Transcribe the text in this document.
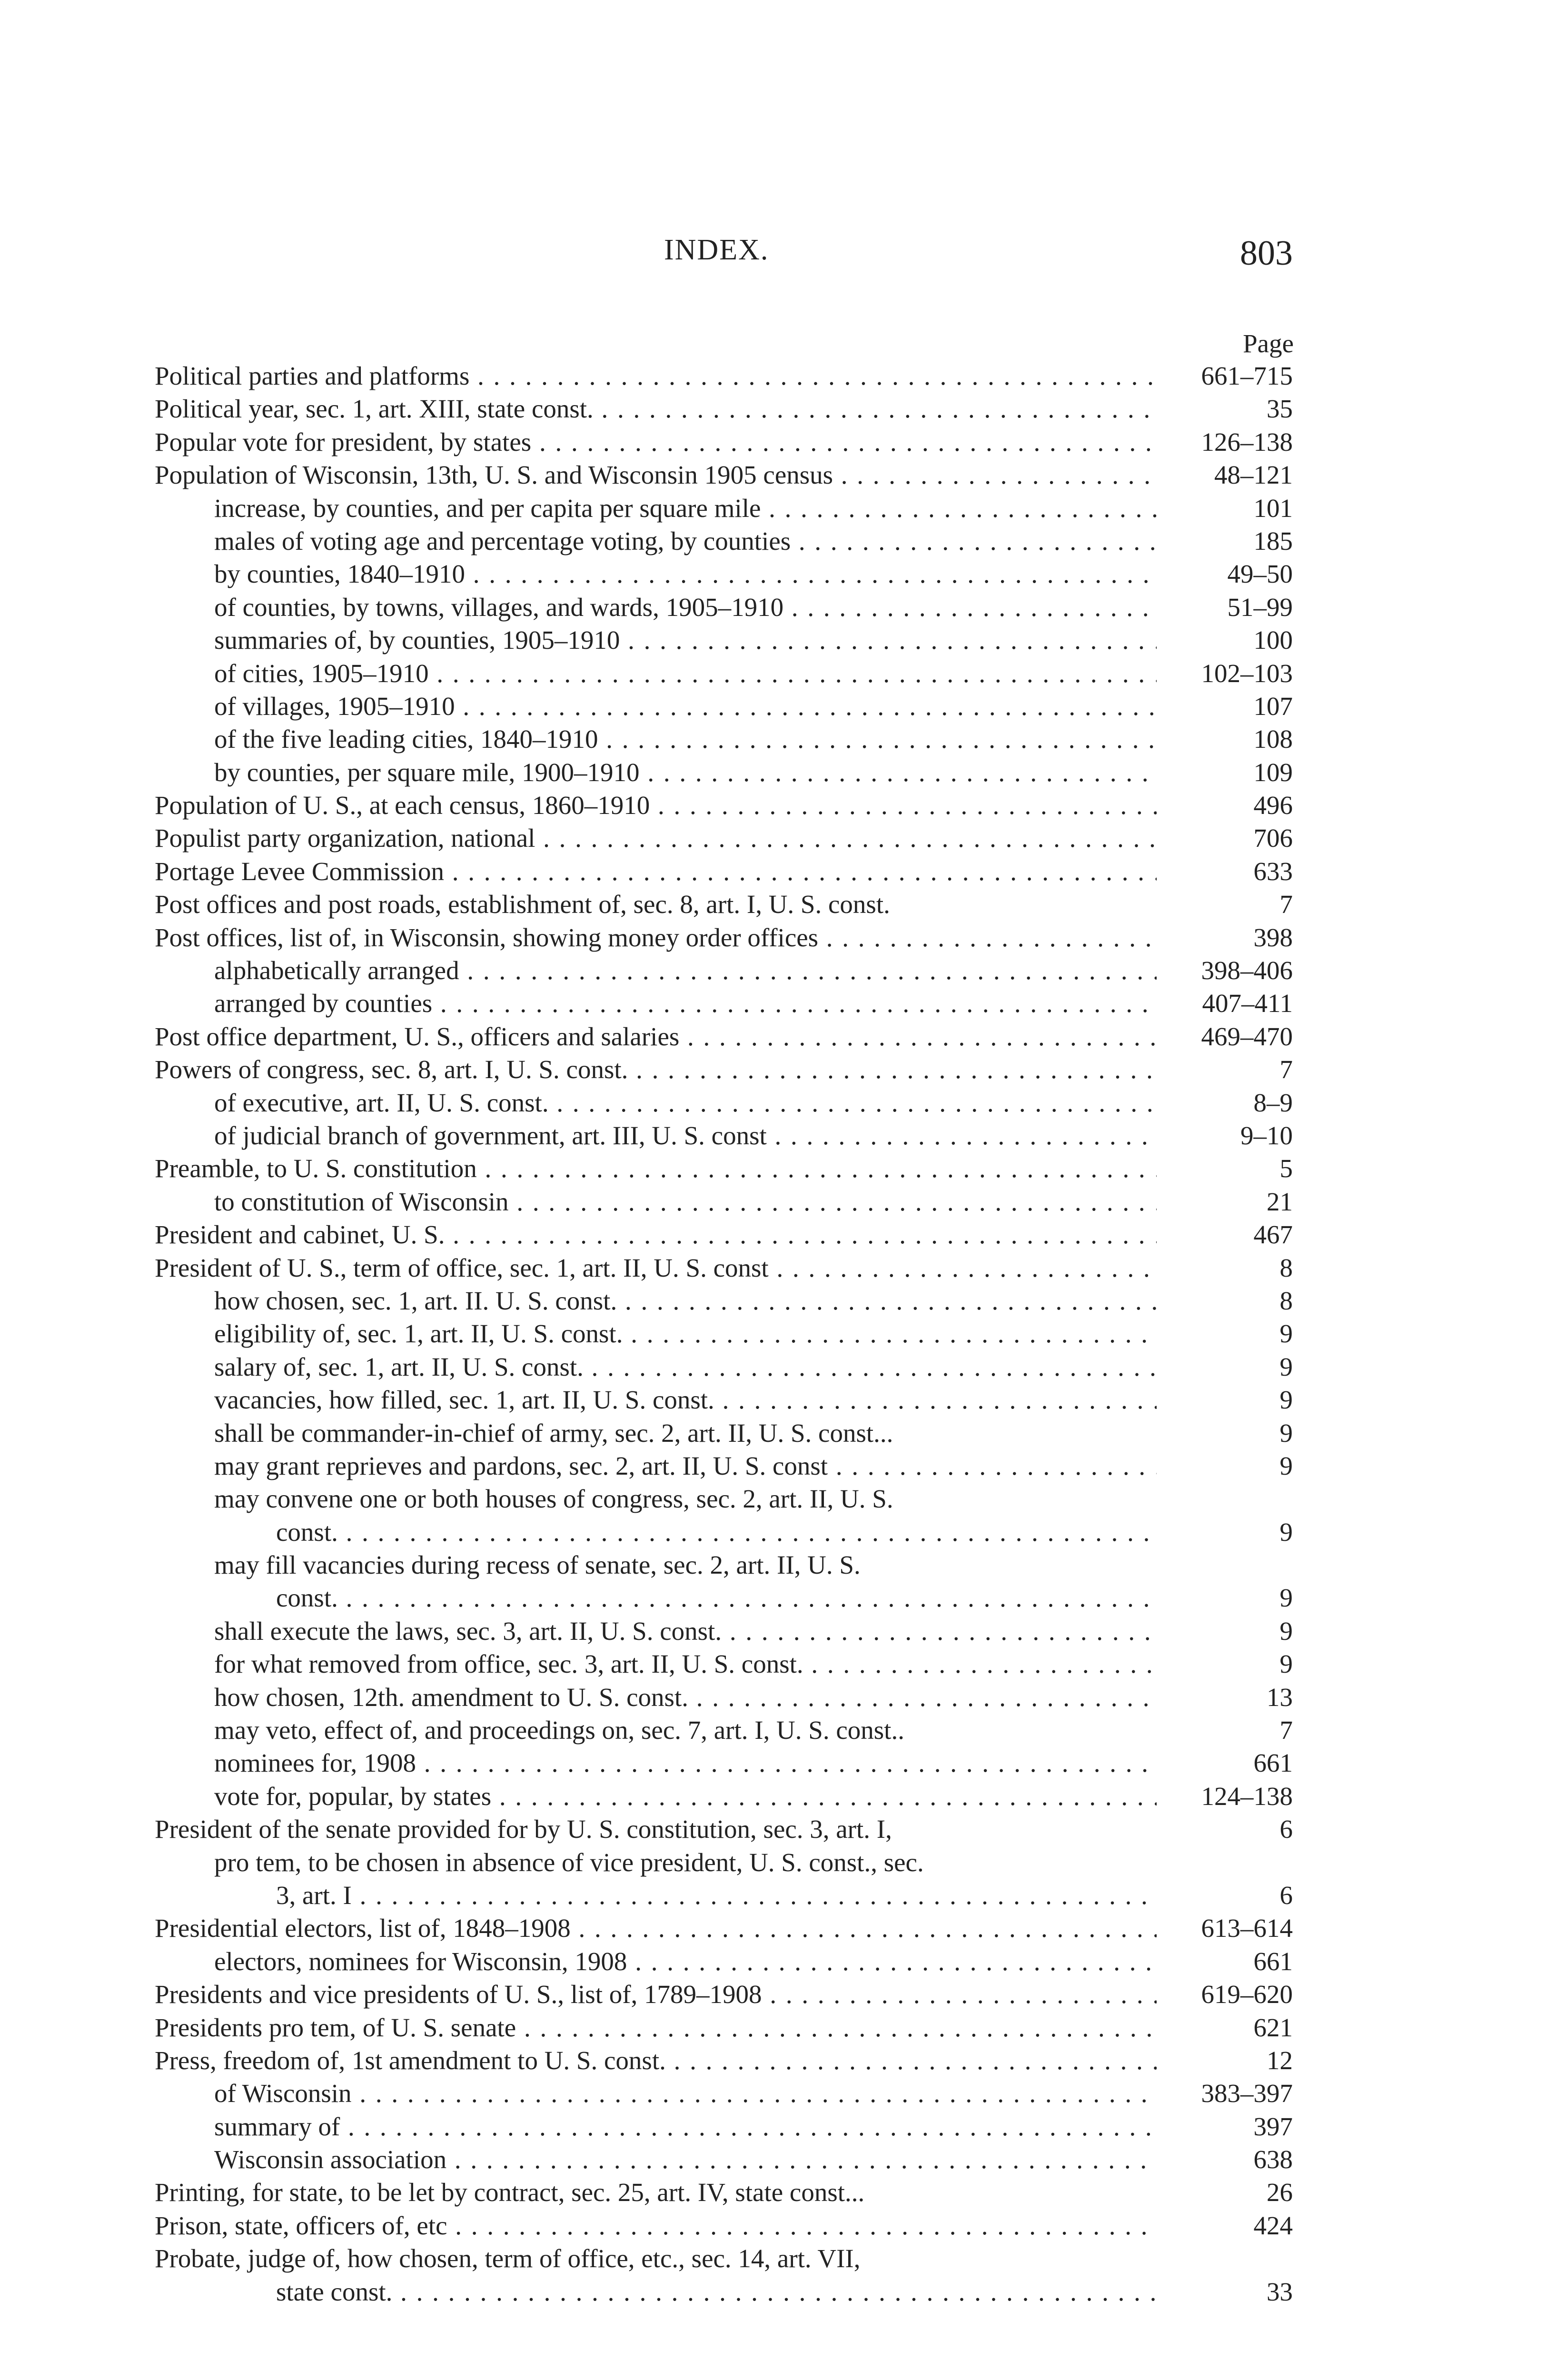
INDEX.	803
Page
Political parties and platforms . . .	661–715
Political year, sec. 1, art. XIII, state const. . . .	35
Popular vote for president, by states . . .	126–138
Population of Wisconsin, 13th, U. S. and Wisconsin 1905 census . . .	48–121
increase, by counties, and per capita per square mile . . .	101
males of voting age and percentage voting, by counties . . .	185
by counties, 1840–1910 . . .	49–50
of counties, by towns, villages, and wards, 1905–1910 . . .	51–99
summaries of, by counties, 1905–1910 . . .	100
of cities, 1905–1910 . . .	102–103
of villages, 1905–1910 . . .	107
of the five leading cities, 1840–1910 . . .	108
by counties, per square mile, 1900–1910 . . .	109
Population of U. S., at each census, 1860–1910 . . .	496
Populist party organization, national . . .	706
Portage Levee Commission . . .	633
Post offices and post roads, establishment of, sec. 8, art. I, U. S. const.	7
Post offices, list of, in Wisconsin, showing money order offices . . .	398
alphabetically arranged . . .	398–406
arranged by counties . . .	407–411
Post office department, U. S., officers and salaries . . .	469–470
Powers of congress, sec. 8, art. I, U. S. const. . . .	7
of executive, art. II, U. S. const. . . .	8–9
of judicial branch of government, art. III, U. S. const . . .	9–10
Preamble, to U. S. constitution . . .	5
to constitution of Wisconsin . . .	21
President and cabinet, U. S. . . .	467
President of U. S., term of office, sec. 1, art. II, U. S. const . . .	8
how chosen, sec. 1, art. II. U. S. const. . . .	8
eligibility of, sec. 1, art. II, U. S. const. . . .	9
salary of, sec. 1, art. II, U. S. const. . . .	9
vacancies, how filled, sec. 1, art. II, U. S. const. . . .	9
shall be commander-in-chief of army, sec. 2, art. II, U. S. const...	9
may grant reprieves and pardons, sec. 2, art. II, U. S. const . . .	9
may convene one or both houses of congress, sec. 2, art. II, U. S.
const. . . .	9
may fill vacancies during recess of senate, sec. 2, art. II, U. S.
const. . . .	9
shall execute the laws, sec. 3, art. II, U. S. const. . . .	9
for what removed from office, sec. 3, art. II, U. S. const. . . .	9
how chosen, 12th. amendment to U. S. const. . . .	13
may veto, effect of, and proceedings on, sec. 7, art. I, U. S. const..	7
nominees for, 1908 . . .	661
vote for, popular, by states . . .	124–138
President of the senate provided for by U. S. constitution, sec. 3, art. I,	6
pro tem, to be chosen in absence of vice president, U. S. const., sec.
3, art. I . . .	6
Presidential electors, list of, 1848–1908 . . .	613–614
electors, nominees for Wisconsin, 1908 . . .	661
Presidents and vice presidents of U. S., list of, 1789–1908 . . .	619–620
Presidents pro tem, of U. S. senate . . .	621
Press, freedom of, 1st amendment to U. S. const. . . .	12
of Wisconsin . . .	383–397
summary of . . .	397
Wisconsin association . . .	638
Printing, for state, to be let by contract, sec. 25, art. IV, state const...	26
Prison, state, officers of, etc . . .	424
Probate, judge of, how chosen, term of office, etc., sec. 14, art. VII,
state const. . . .	33
